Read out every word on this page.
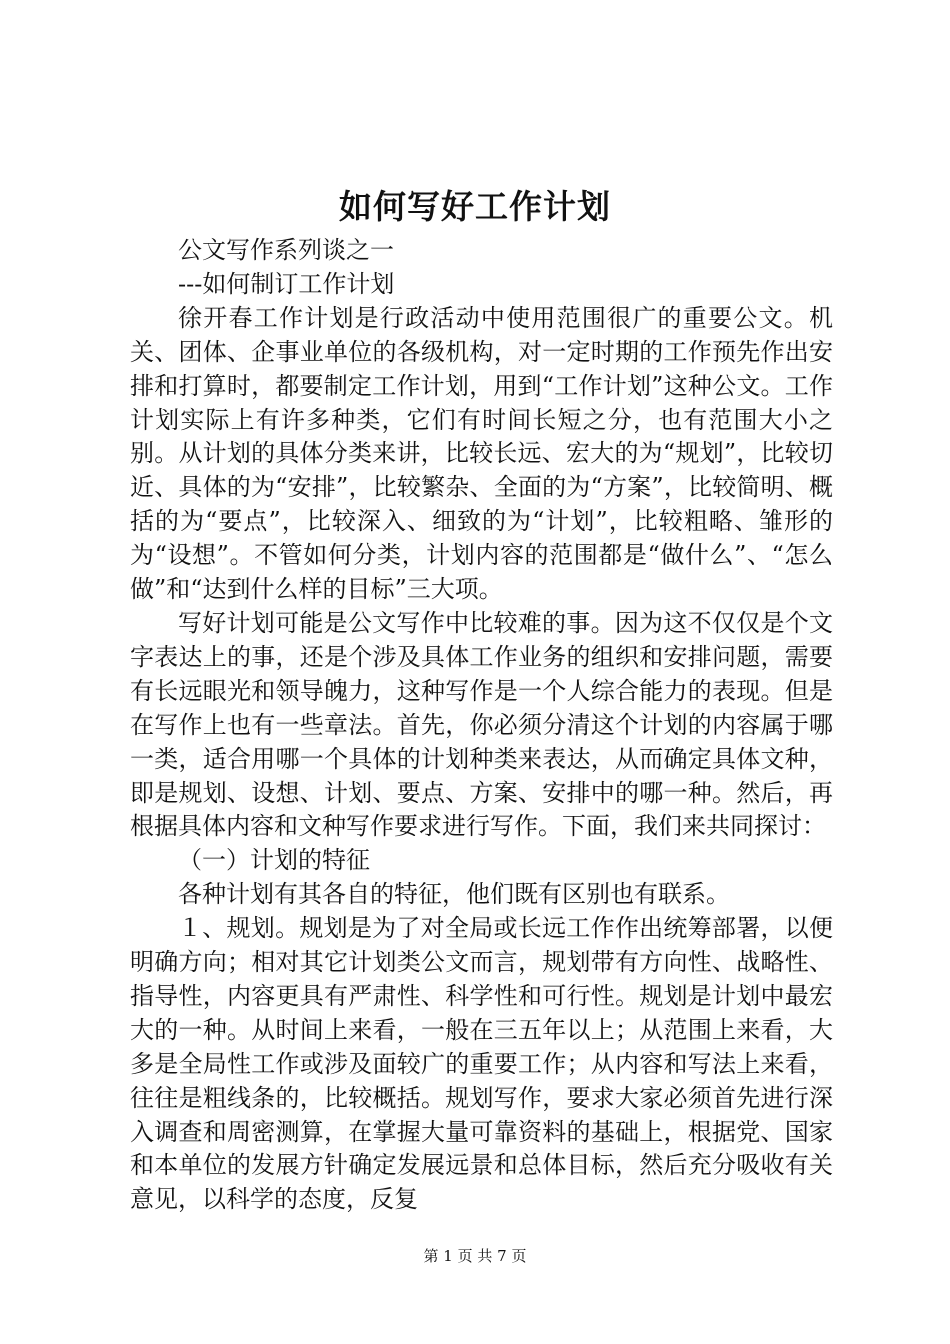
如何写好工作计划

公文写作系列谈之一

---如何制订工作计划

徐开春工作计划是行政活动中使用范围很广的重要公文。机关、团体、企事业单位的各级机构，对一定时期的工作预先作出安排和打算时，都要制定工作计划，用到“工作计划”这种公文。工作计划实际上有许多种类，它们有时间长短之分，也有范围大小之别。从计划的具体分类来讲，比较长远、宏大的为“规划”，比较切近、具体的为“安排”，比较繁杂、全面的为“方案”，比较简明、概括的为“要点”，比较深入、细致的为“计划”，比较粗略、雏形的为“设想”。不管如何分类，计划内容的范围都是“做什么”、“怎么做”和“达到什么样的目标”三大项。

写好计划可能是公文写作中比较难的事。因为这不仅仅是个文字表达上的事，还是个涉及具体工作业务的组织和安排问题，需要有长远眼光和领导魄力，这种写作是一个人综合能力的表现。但是在写作上也有一些章法。首先，你必须分清这个计划的内容属于哪一类，适合用哪一个具体的计划种类来表达，从而确定具体文种，即是规划、设想、计划、要点、方案、安排中的哪一种。然后，再根据具体内容和文种写作要求进行写作。下面，我们来共同探讨：

（一）计划的特征

各种计划有其各自的特征，他们既有区别也有联系。

１、规划。规划是为了对全局或长远工作作出统筹部署，以便明确方向；相对其它计划类公文而言，规划带有方向性、战略性、指导性，内容更具有严肃性、科学性和可行性。规划是计划中最宏大的一种。从时间上来看，一般在三五年以上；从范围上来看，大多是全局性工作或涉及面较广的重要工作；从内容和写法上来看，往往是粗线条的，比较概括。规划写作，要求大家必须首先进行深入调查和周密测算，在掌握大量可靠资料的基础上，根据党、国家和本单位的发展方针确定发展远景和总体目标，然后充分吸收有关意见，以科学的态度，反复

第 1 页 共 7 页
